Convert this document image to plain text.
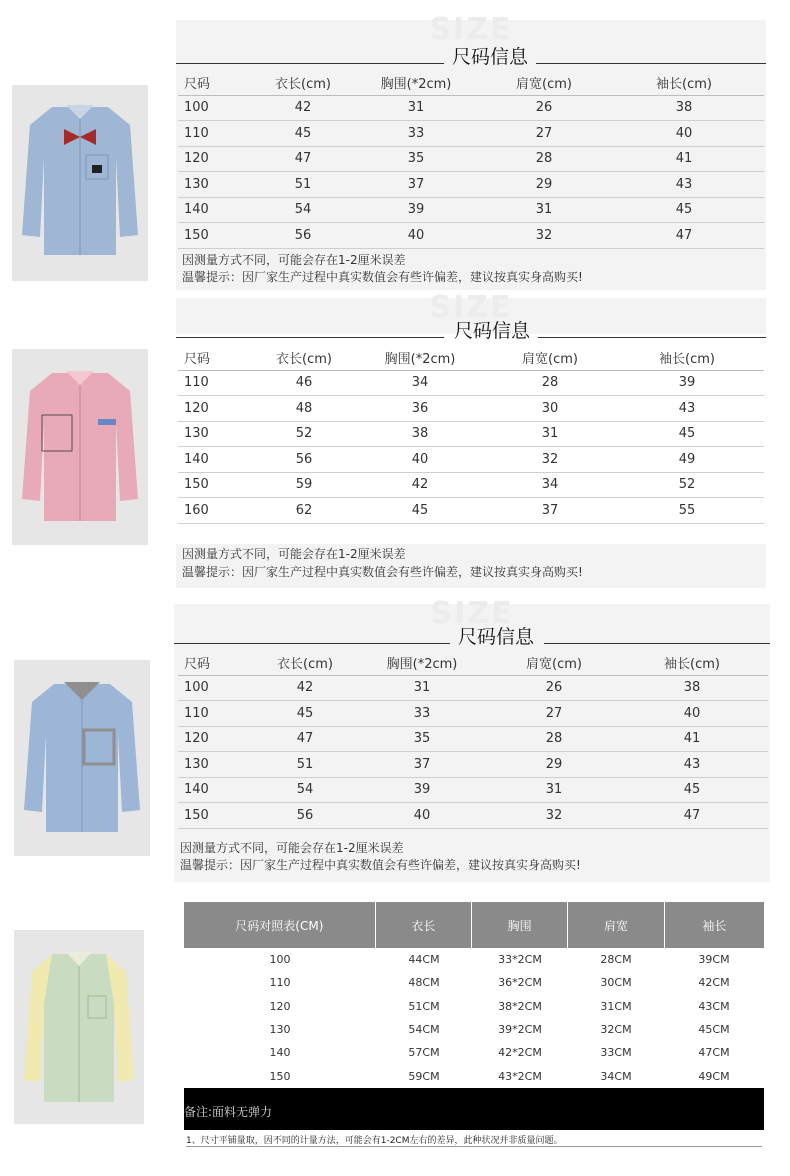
SIZE
尺码信息
尺码	衣长(cm)	胸围(*2cm)	肩宽(cm)	袖长(cm)
100	42	31	26	38
110	45	33	27	40
120	47	35	28	41
130	51	37	29	43
140	54	39	31	45
150	56	40	32	47
因测量方式不同，可能会存在1-2厘米误差
温馨提示：因厂家生产过程中真实数值会有些许偏差，建议按真实身高购买!
SIZE
尺码信息
尺码	衣长(cm)	胸围(*2cm)	肩宽(cm)	袖长(cm)
110	46	34	28	39
120	48	36	30	43
130	52	38	31	45
140	56	40	32	49
150	59	42	34	52
160	62	45	37	55
因测量方式不同，可能会存在1-2厘米误差
温馨提示：因厂家生产过程中真实数值会有些许偏差，建议按真实身高购买!
SIZE
尺码信息
尺码	衣长(cm)	胸围(*2cm)	肩宽(cm)	袖长(cm)
100	42	31	26	38
110	45	33	27	40
120	47	35	28	41
130	51	37	29	43
140	54	39	31	45
150	56	40	32	47
因测量方式不同，可能会存在1-2厘米误差
温馨提示：因厂家生产过程中真实数值会有些许偏差，建议按真实身高购买!
尺码对照表(CM)	衣长	胸围	肩宽	袖长
100	44CM	33*2CM	28CM	39CM
110	48CM	36*2CM	30CM	42CM
120	51CM	38*2CM	31CM	43CM
130	54CM	39*2CM	32CM	45CM
140	57CM	42*2CM	33CM	47CM
150	59CM	43*2CM	34CM	49CM
备注:面料无弹力
1、尺寸平铺量取，因不同的计量方法，可能会有1-2CM左右的差异，此种状况并非质量问题。
